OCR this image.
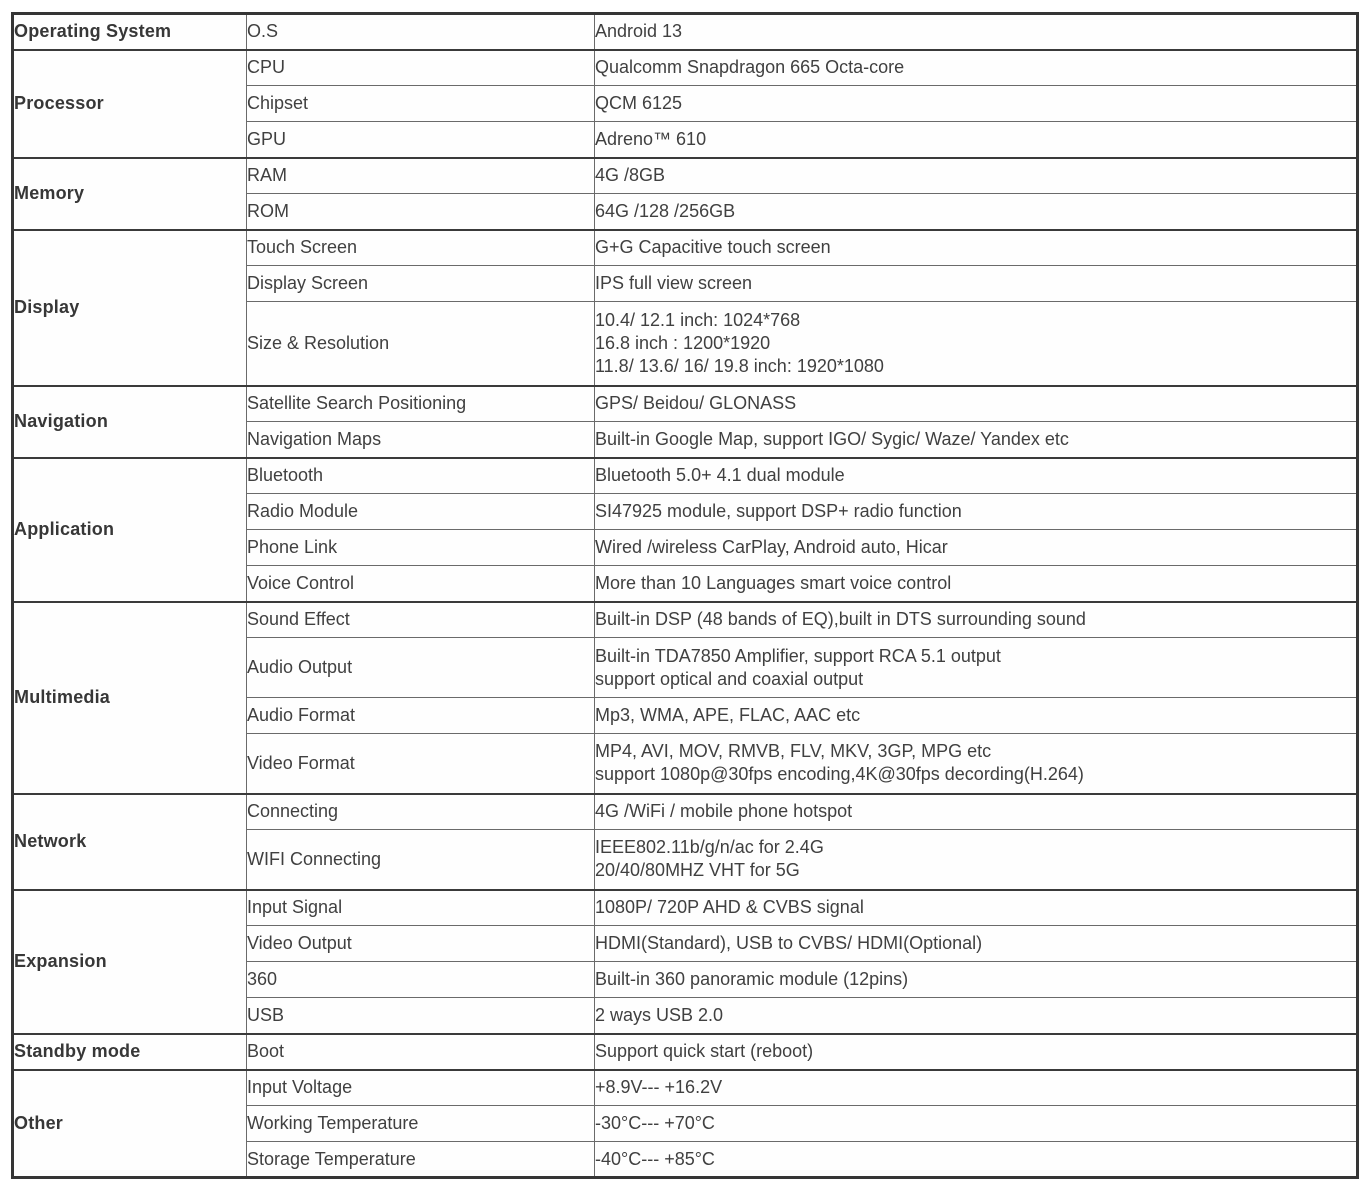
Operating System	O.S	Android 13

Processor	CPU	Qualcomm Snapdragon 665 Octa-core

	Chipset	QCM 6125

	GPU	Adreno™ 610

Memory	RAM	4G /8GB

	ROM	64G /128 /256GB

Display	Touch Screen	G+G Capacitive touch screen

	Display Screen	IPS full view screen

	Size & Resolution	10.4/ 12.1 inch: 1024*768
16.8 inch : 1200*1920
11.8/ 13.6/ 16/ 19.8 inch: 1920*1080

Navigation	Satellite Search Positioning	GPS/ Beidou/ GLONASS

	Navigation Maps	Built-in Google Map, support IGO/ Sygic/ Waze/ Yandex etc

Application	Bluetooth	Bluetooth 5.0+ 4.1 dual module

	Radio Module	SI47925 module, support DSP+ radio function

	Phone Link	Wired /wireless CarPlay, Android auto, Hicar

	Voice Control	More than 10 Languages smart voice control

Multimedia	Sound Effect	Built-in DSP (48 bands of EQ),built in DTS surrounding sound

	Audio Output	Built-in TDA7850 Amplifier, support RCA 5.1 output
support optical and coaxial output

	Audio Format	Mp3, WMA, APE, FLAC, AAC etc

	Video Format	MP4, AVI, MOV, RMVB, FLV, MKV, 3GP, MPG etc
support 1080p@30fps encoding,4K@30fps decording(H.264)

Network	Connecting	4G /WiFi / mobile phone hotspot

	WIFI Connecting	IEEE802.11b/g/n/ac for 2.4G
20/40/80MHZ VHT for 5G

Expansion	Input Signal	1080P/ 720P AHD & CVBS signal

	Video Output	HDMI(Standard), USB to CVBS/ HDMI(Optional)

	360	Built-in 360 panoramic module (12pins)

	USB	2 ways USB 2.0

Standby mode	Boot	Support quick start (reboot)

Other	Input Voltage	+8.9V--- +16.2V

	Working Temperature	-30°C--- +70°C

	Storage Temperature	-40°C--- +85°C
